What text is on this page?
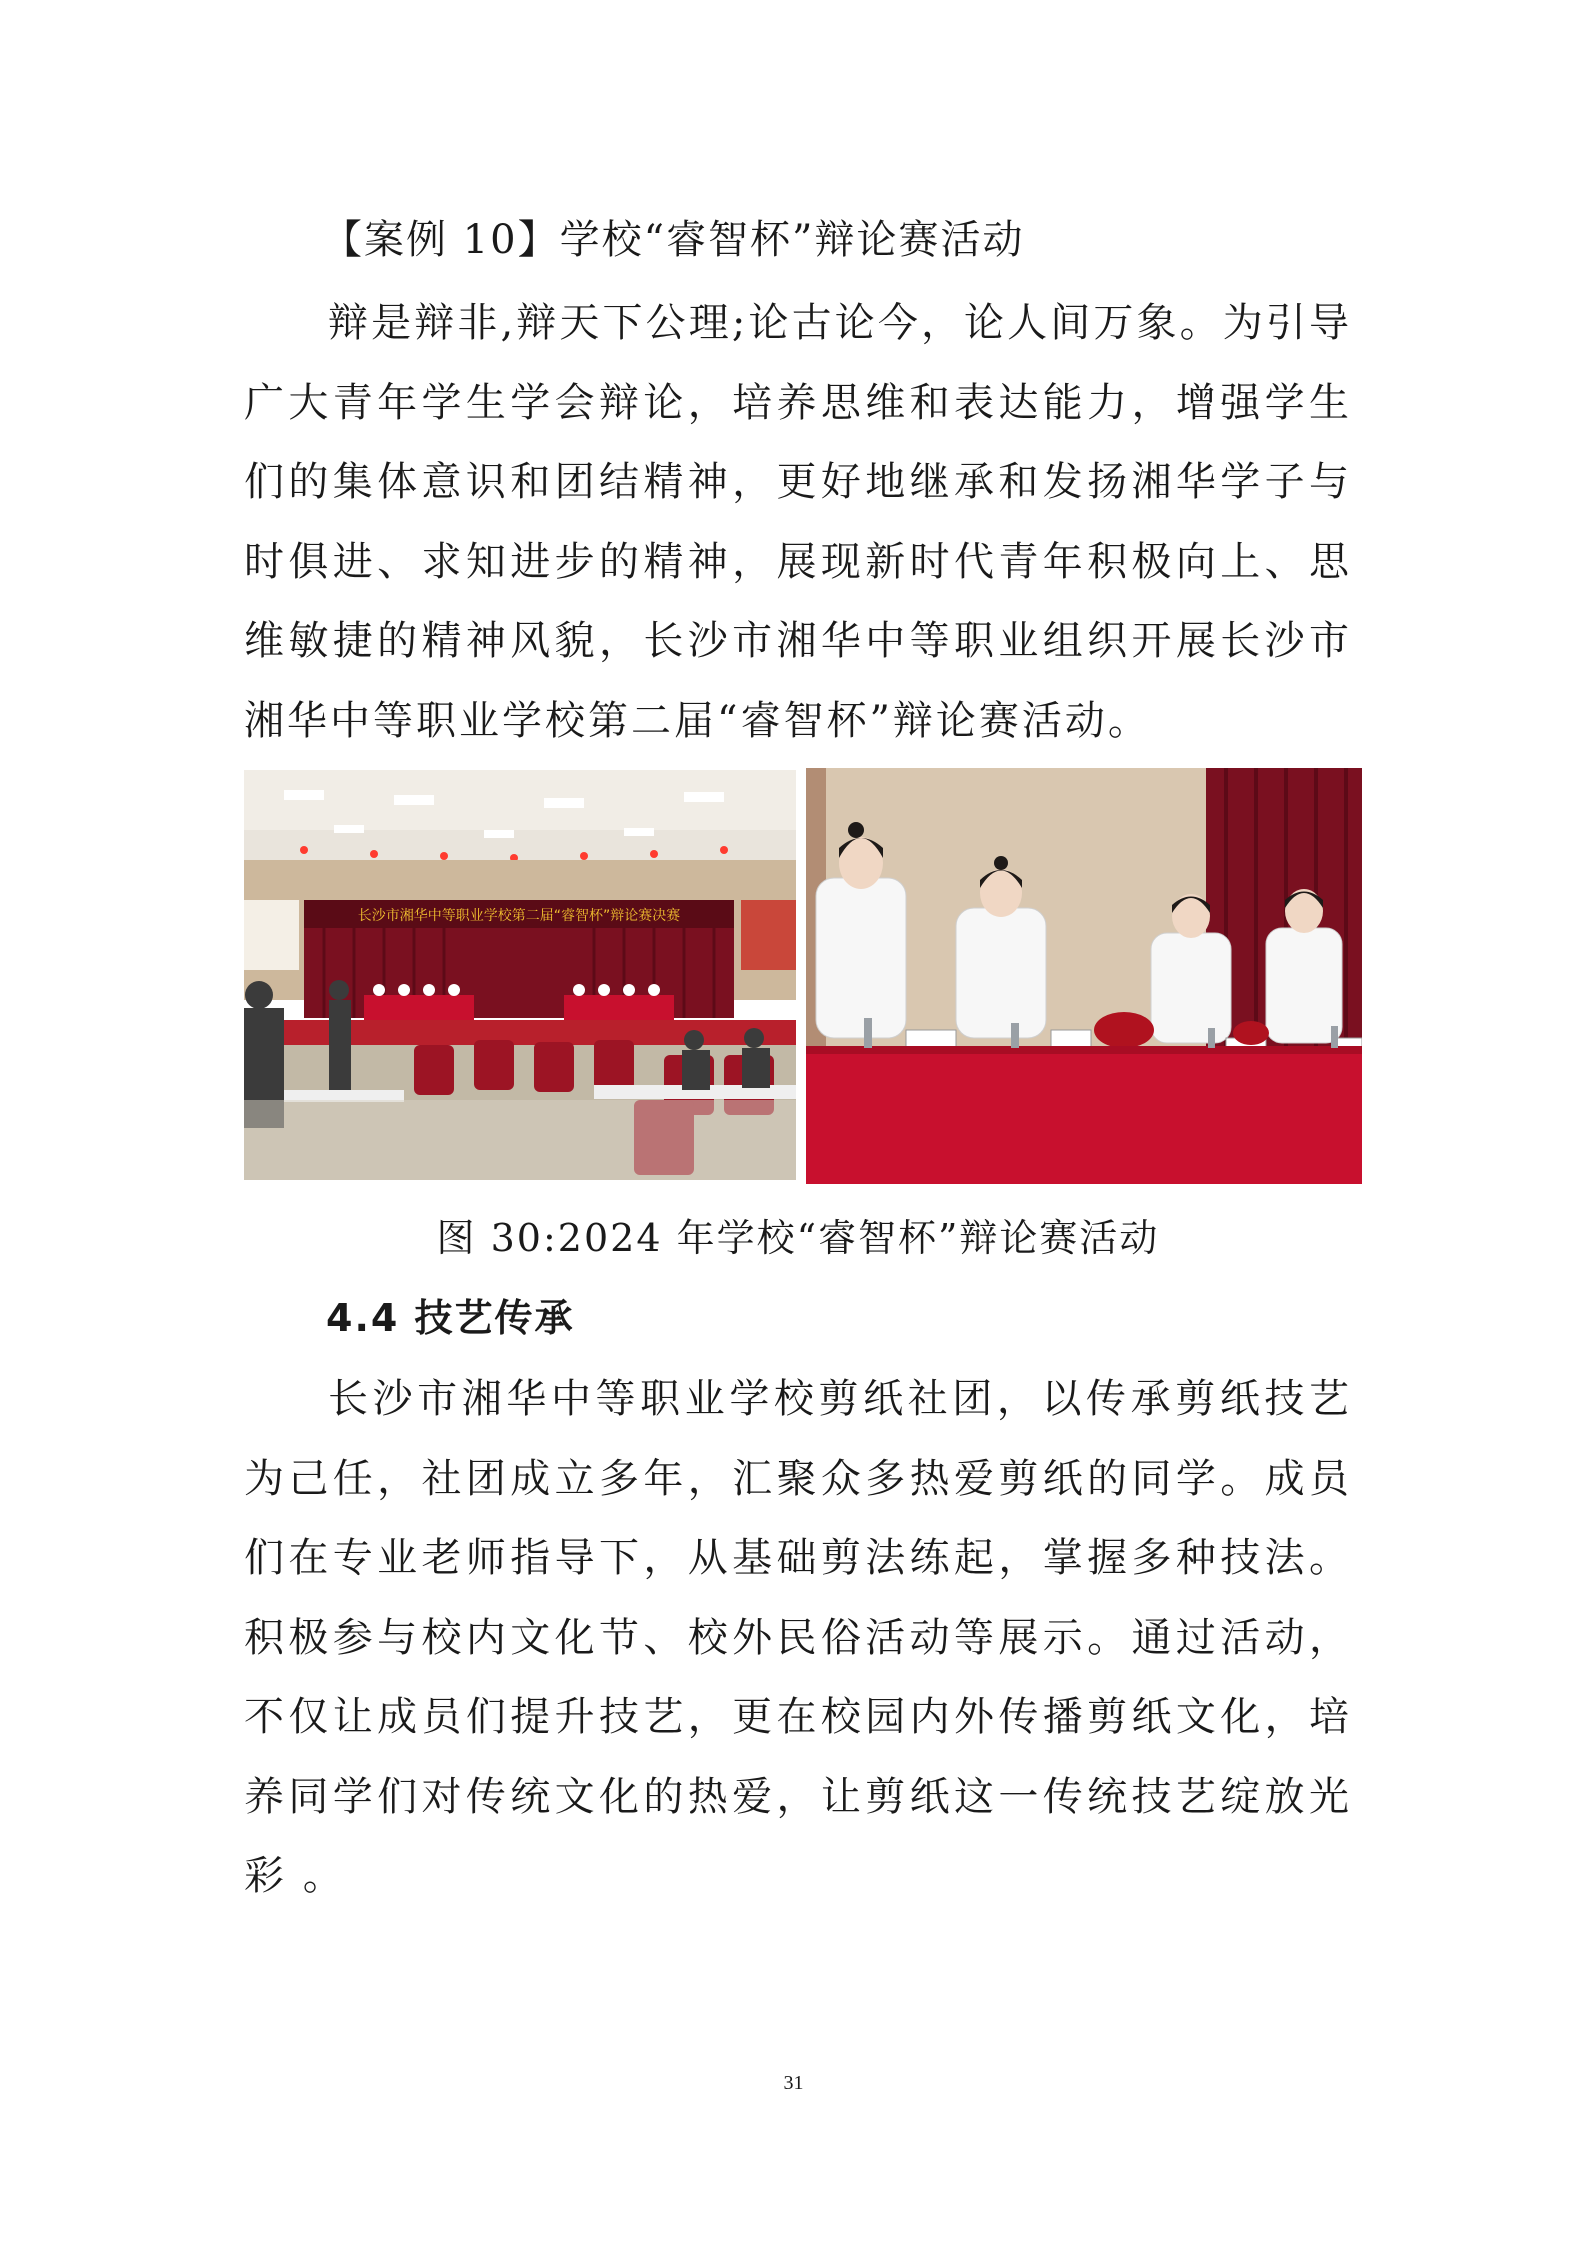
【案例 10】学校“睿智杯”辩论赛活动

辩是辩非,辩天下公理;论古论今，论人间万象。为引导广大青年学生学会辩论，培养思维和表达能力，增强学生们的集体意识和团结精神，更好地继承和发扬湘华学子与时俱进、求知进步的精神，展现新时代青年积极向上、思维敏捷的精神风貌，长沙市湘华中等职业组织开展长沙市湘华中等职业学校第二届“睿智杯”辩论赛活动。

长沙市湘华中等职业学校第二届“睿智杯”辩论赛决赛
图 30:2024 年学校“睿智杯”辩论赛活动
4.4 技艺传承

长沙市湘华中等职业学校剪纸社团，以传承剪纸技艺为己任，社团成立多年，汇聚众多热爱剪纸的同学。成员们在专业老师指导下，从基础剪法练起，掌握多种技法。积极参与校内文化节、校外民俗活动等展示。通过活动，不仅让成员们提升技艺，更在校园内外传播剪纸文化，培养同学们对传统文化的热爱，让剪纸这一传统技艺绽放光彩 。

31
